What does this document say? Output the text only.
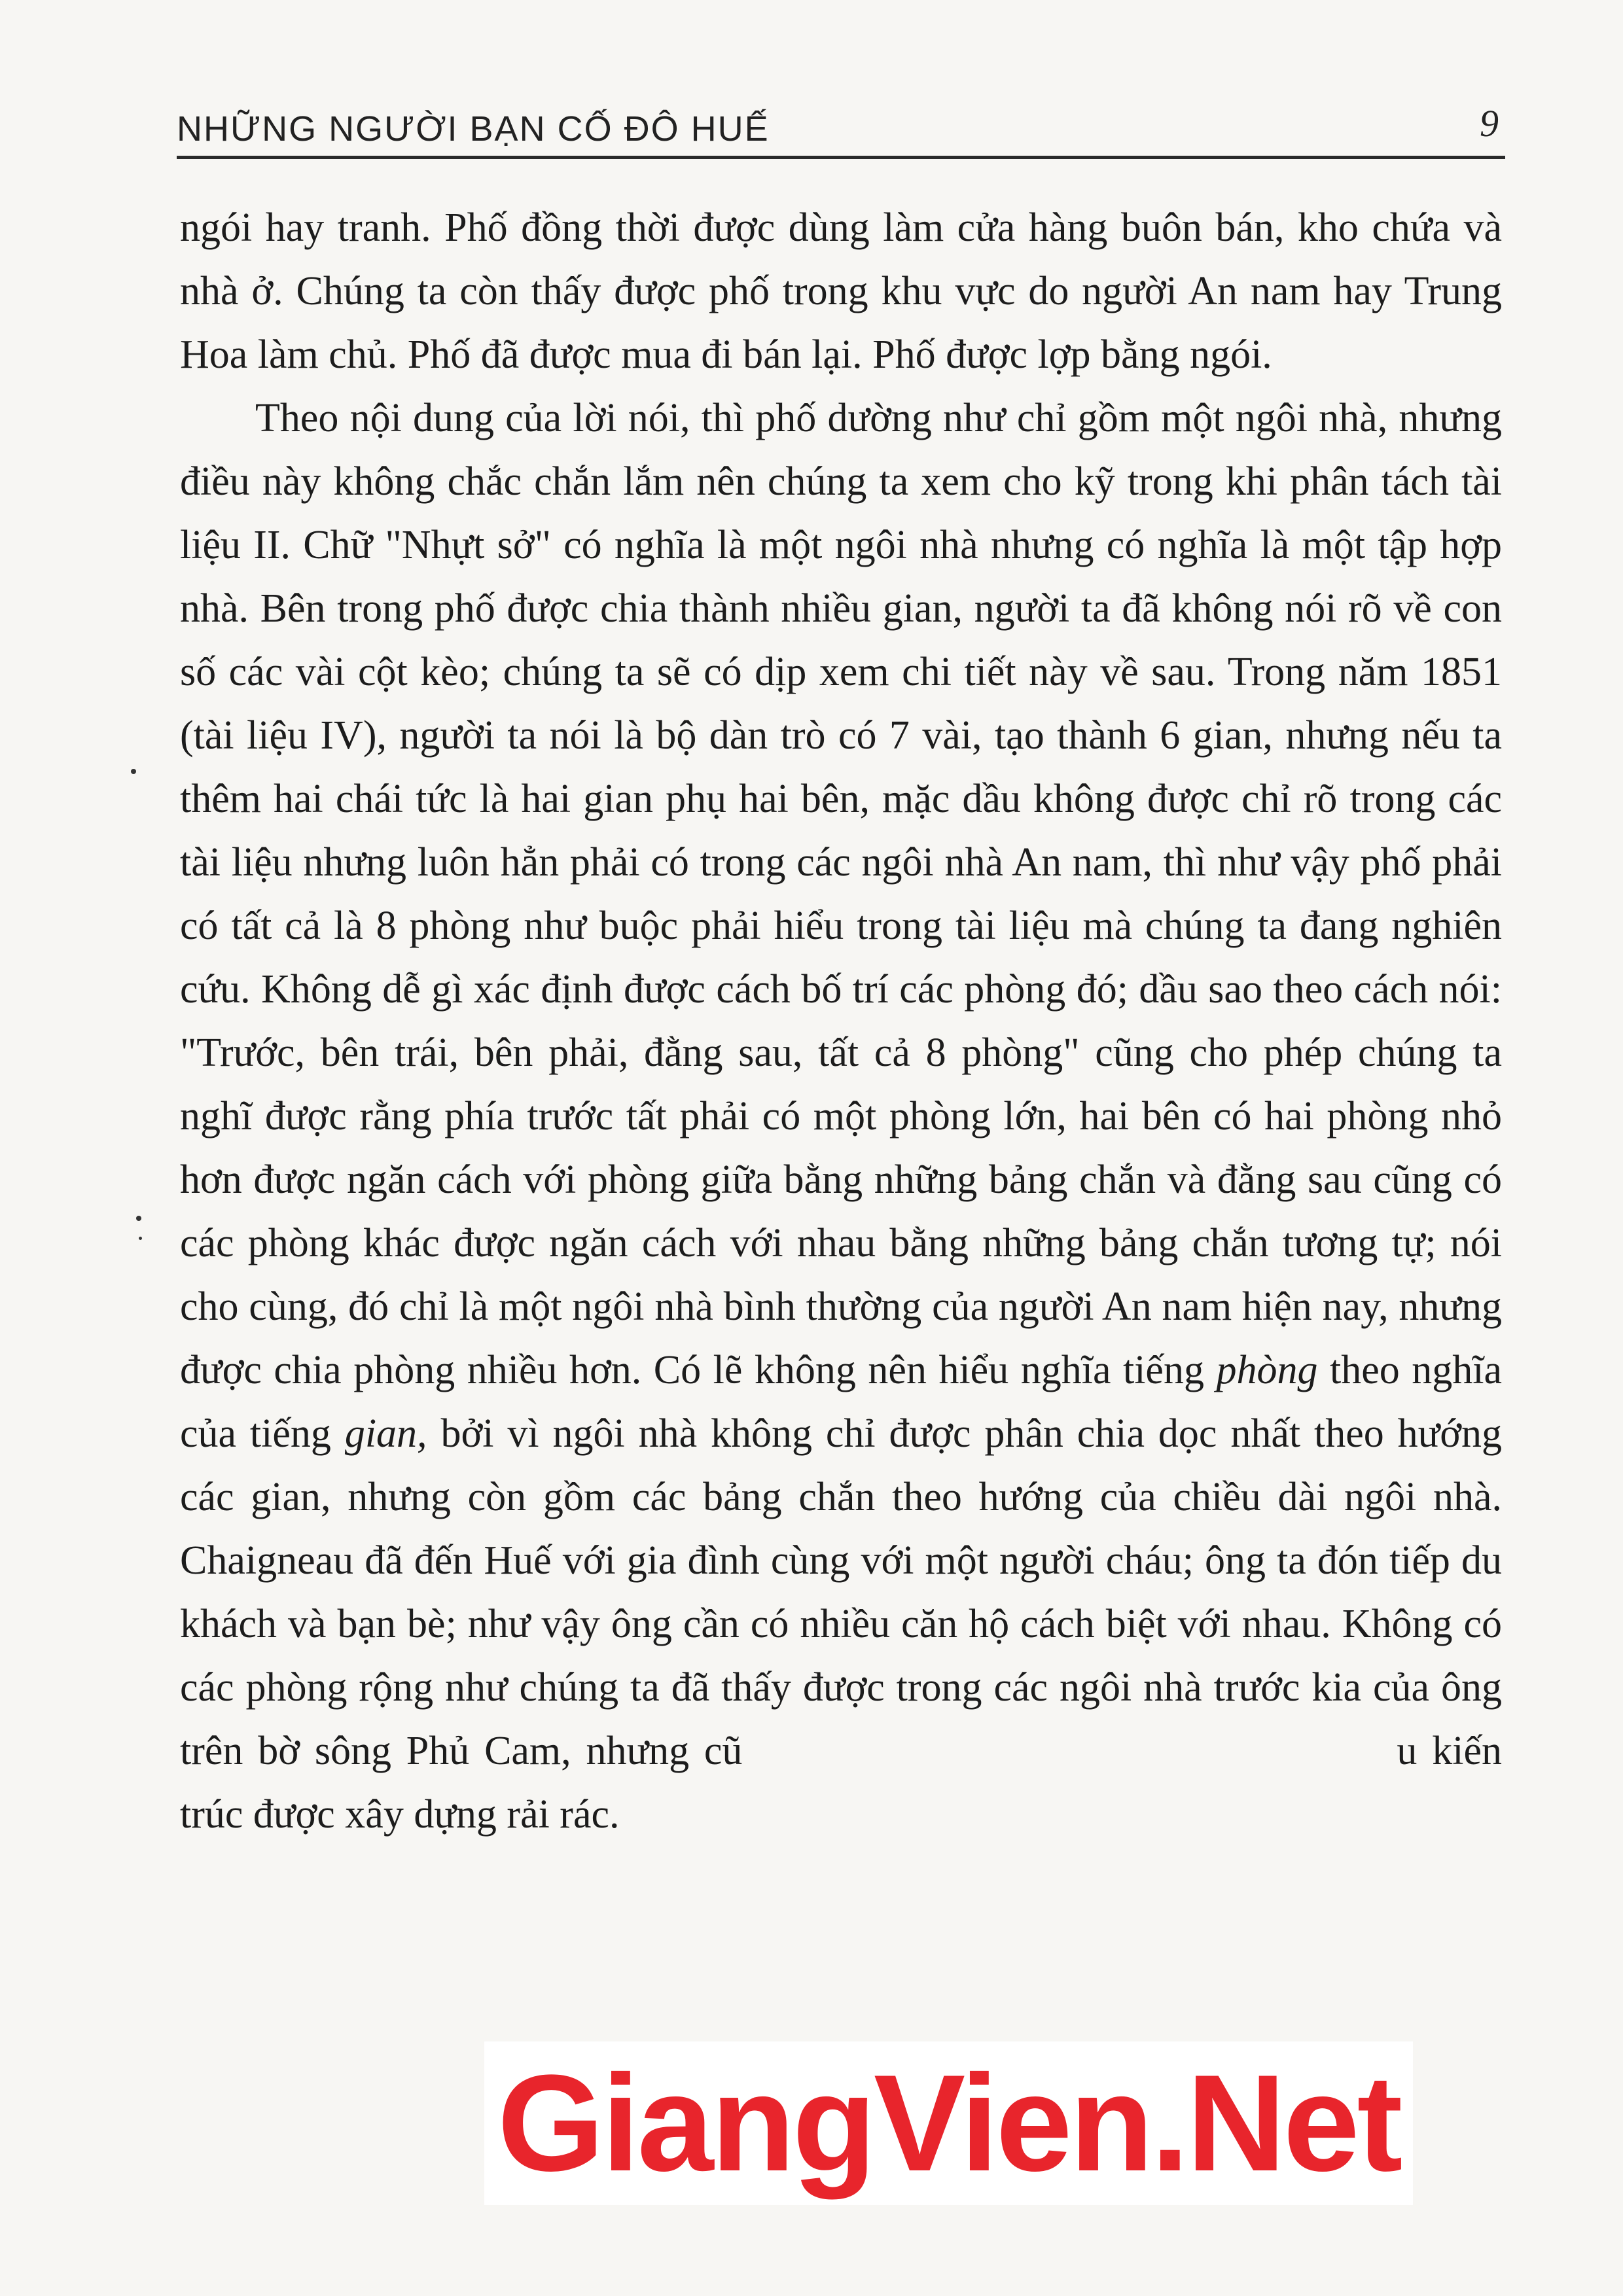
NHỮNG NGƯỜI BẠN CỐ ĐÔ HUẾ	9

ngói hay tranh. Phố đồng thời được dùng làm cửa hàng buôn bán, kho chứa và nhà ở. Chúng ta còn thấy được phố trong khu vực do người An nam hay Trung Hoa làm chủ. Phố đã được mua đi bán lại. Phố được lợp bằng ngói.

Theo nội dung của lời nói, thì phố dường như chỉ gồm một ngôi nhà, nhưng điều này không chắc chắn lắm nên chúng ta xem cho kỹ trong khi phân tách tài liệu II. Chữ "Nhựt sở" có nghĩa là một ngôi nhà nhưng có nghĩa là một tập hợp nhà. Bên trong phố được chia thành nhiều gian, người ta đã không nói rõ về con số các vài cột kèo; chúng ta sẽ có dịp xem chi tiết này về sau. Trong năm 1851 (tài liệu IV), người ta nói là bộ dàn trò có 7 vài, tạo thành 6 gian, nhưng nếu ta thêm hai chái tức là hai gian phụ hai bên, mặc dầu không được chỉ rõ trong các tài liệu nhưng luôn hẳn phải có trong các ngôi nhà An nam, thì như vậy phố phải có tất cả là 8 phòng như buộc phải hiểu trong tài liệu mà chúng ta đang nghiên cứu. Không dễ gì xác định được cách bố trí các phòng đó; dầu sao theo cách nói: "Trước, bên trái, bên phải, đằng sau, tất cả 8 phòng" cũng cho phép chúng ta nghĩ được rằng phía trước tất phải có một phòng lớn, hai bên có hai phòng nhỏ hơn được ngăn cách với phòng giữa bằng những bảng chắn và đằng sau cũng có các phòng khác được ngăn cách với nhau bằng những bảng chắn tương tự; nói cho cùng, đó chỉ là một ngôi nhà bình thường của người An nam hiện nay, nhưng được chia phòng nhiều hơn. Có lẽ không nên hiểu nghĩa tiếng phòng theo nghĩa của tiếng gian, bởi vì ngôi nhà không chỉ được phân chia dọc nhất theo hướng các gian, nhưng còn gồm các bảng chắn theo hướng của chiều dài ngôi nhà. Chaigneau đã đến Huế với gia đình cùng với một người cháu; ông ta đón tiếp du khách và bạn bè; như vậy ông cần có nhiều căn hộ cách biệt với nhau. Không có các phòng rộng như chúng ta đã thấy được trong các ngôi nhà trước kia của ông trên bờ sông Phủ Cam, nhưng cũ	u kiến trúc được xây dựng rải rác.

GiangVien.Net
